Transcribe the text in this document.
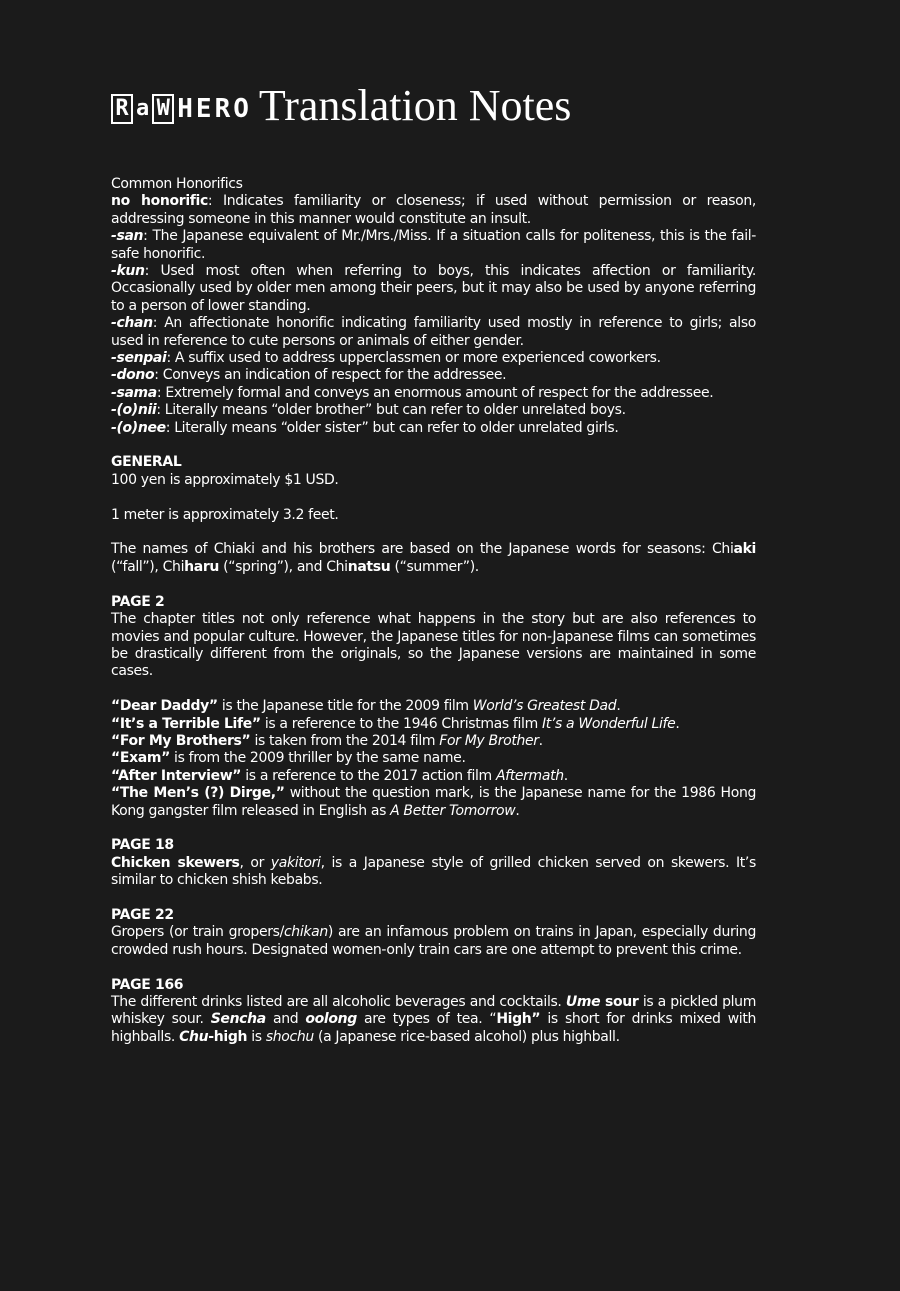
R a W H E R O Translation Notes

Common Honorifics

no honorific: Indicates familiarity or closeness; if used without permission or reason, addressing someone in this manner would constitute an insult.

-san: The Japanese equivalent of Mr./Mrs./Miss. If a situation calls for politeness, this is the fail-safe honorific.

-kun: Used most often when referring to boys, this indicates affection or familiarity. Occasionally used by older men among their peers, but it may also be used by anyone referring to a person of lower standing.

-chan: An affectionate honorific indicating familiarity used mostly in reference to girls; also used in reference to cute persons or animals of either gender.

-senpai: A suffix used to address upperclassmen or more experienced coworkers.

-dono: Conveys an indication of respect for the addressee.

-sama: Extremely formal and conveys an enormous amount of respect for the addressee.

-(o)nii: Literally means “older brother” but can refer to older unrelated boys.

-(o)nee: Literally means “older sister” but can refer to older unrelated girls.

GENERAL

100 yen is approximately $1 USD.

1 meter is approximately 3.2 feet.

The names of Chiaki and his brothers are based on the Japanese words for seasons: Chiaki (“fall”), Chiharu (“spring”), and Chinatsu (“summer”).

PAGE 2

The chapter titles not only reference what happens in the story but are also references to movies and popular culture. However, the Japanese titles for non-Japanese films can sometimes be drastically different from the originals, so the Japanese versions are maintained in some cases.

“Dear Daddy” is the Japanese title for the 2009 film World’s Greatest Dad.

“It’s a Terrible Life” is a reference to the 1946 Christmas film It’s a Wonderful Life.

“For My Brothers” is taken from the 2014 film For My Brother.

“Exam” is from the 2009 thriller by the same name.

“After Interview” is a reference to the 2017 action film Aftermath.

“The Men’s (?) Dirge,” without the question mark, is the Japanese name for the 1986 Hong Kong gangster film released in English as A Better Tomorrow.

PAGE 18

Chicken skewers, or yakitori, is a Japanese style of grilled chicken served on skewers. It’s similar to chicken shish kebabs.

PAGE 22

Gropers (or train gropers/chikan) are an infamous problem on trains in Japan, especially during crowded rush hours. Designated women-only train cars are one attempt to prevent this crime.

PAGE 166

The different drinks listed are all alcoholic beverages and cocktails. Ume sour is a pickled plum whiskey sour. Sencha and oolong are types of tea. “High” is short for drinks mixed with highballs. Chu-high is shochu (a Japanese rice-based alcohol) plus highball.
